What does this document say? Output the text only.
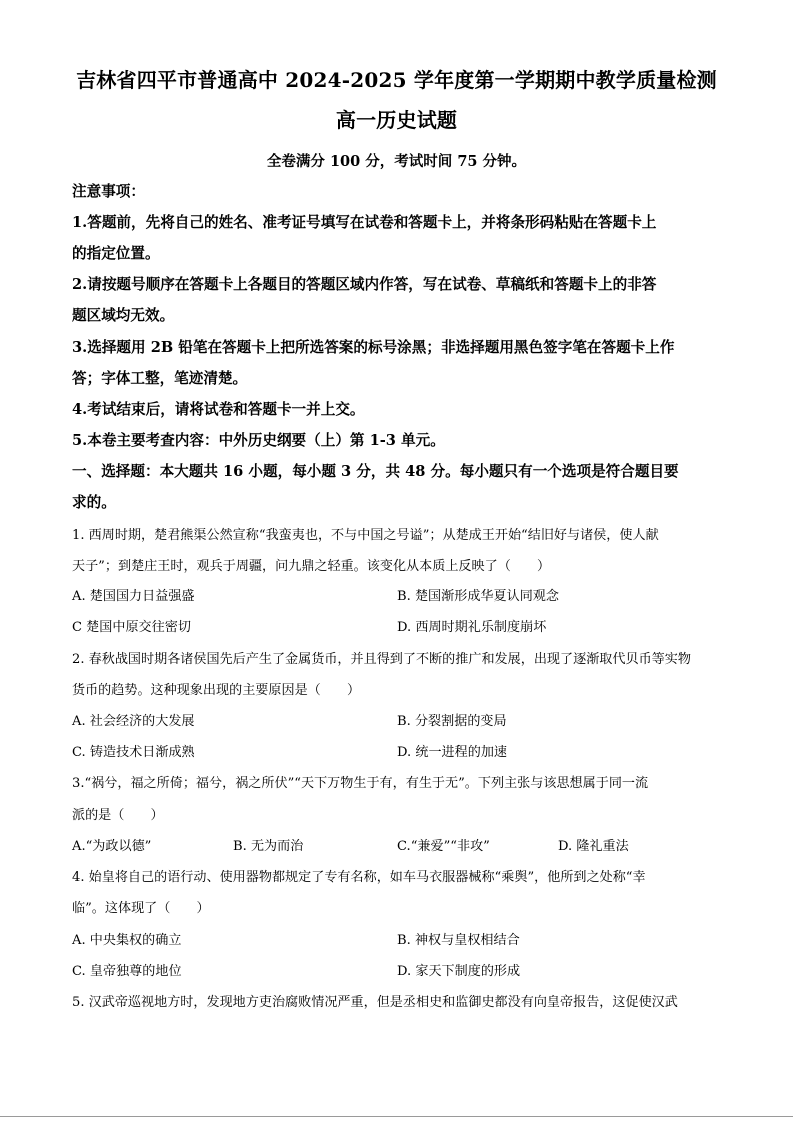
吉林省四平市普通高中 2024-2025 学年度第一学期期中教学质量检测
高一历史试题
全卷满分 100 分，考试时间 75 分钟。
注意事项：
1.答题前，先将自己的姓名、准考证号填写在试卷和答题卡上，并将条形码粘贴在答题卡上
的指定位置。
2.请按题号顺序在答题卡上各题目的答题区域内作答，写在试卷、草稿纸和答题卡上的非答
题区域均无效。
3.选择题用 2B 铅笔在答题卡上把所选答案的标号涂黑；非选择题用黑色签字笔在答题卡上作
答；字体工整，笔迹清楚。
4.考试结束后，请将试卷和答题卡一并上交。
5.本卷主要考查内容：中外历史纲要（上）第 1-3 单元。
一、选择题：本大题共 16 小题，每小题 3 分，共 48 分。每小题只有一个选项是符合题目要
求的。
1. 西周时期，楚君熊渠公然宣称“我蛮夷也，不与中国之号谥”；从楚成王开始“结旧好与诸侯，使人献
天子”；到楚庄王时，观兵于周疆，问九鼎之轻重。该变化从本质上反映了（　　）
A. 楚国国力日益强盛	B. 楚国渐形成华夏认同观念
C 楚国中原交往密切	D. 西周时期礼乐制度崩坏
2. 春秋战国时期各诸侯国先后产生了金属货币，并且得到了不断的推广和发展，出现了逐渐取代贝币等实物
货币的趋势。这种现象出现的主要原因是（　　）
A. 社会经济的大发展	B. 分裂割据的变局
C. 铸造技术日渐成熟	D. 统一进程的加速
3.“祸兮，福之所倚；福兮，祸之所伏”“天下万物生于有，有生于无”。下列主张与该思想属于同一流
派的是（　　）
A.“为政以德”	B. 无为而治	C.“兼爱”“非攻”	D. 隆礼重法
4. 始皇将自己的语行动、使用器物都规定了专有名称，如车马衣服器械称“乘舆”，他所到之处称“幸
临”。这体现了（　　）
A. 中央集权的确立	B. 神权与皇权相结合
C. 皇帝独尊的地位	D. 家天下制度的形成
5. 汉武帝巡视地方时，发现地方吏治腐败情况严重，但是丞相史和监御史都没有向皇帝报告，这促使汉武
